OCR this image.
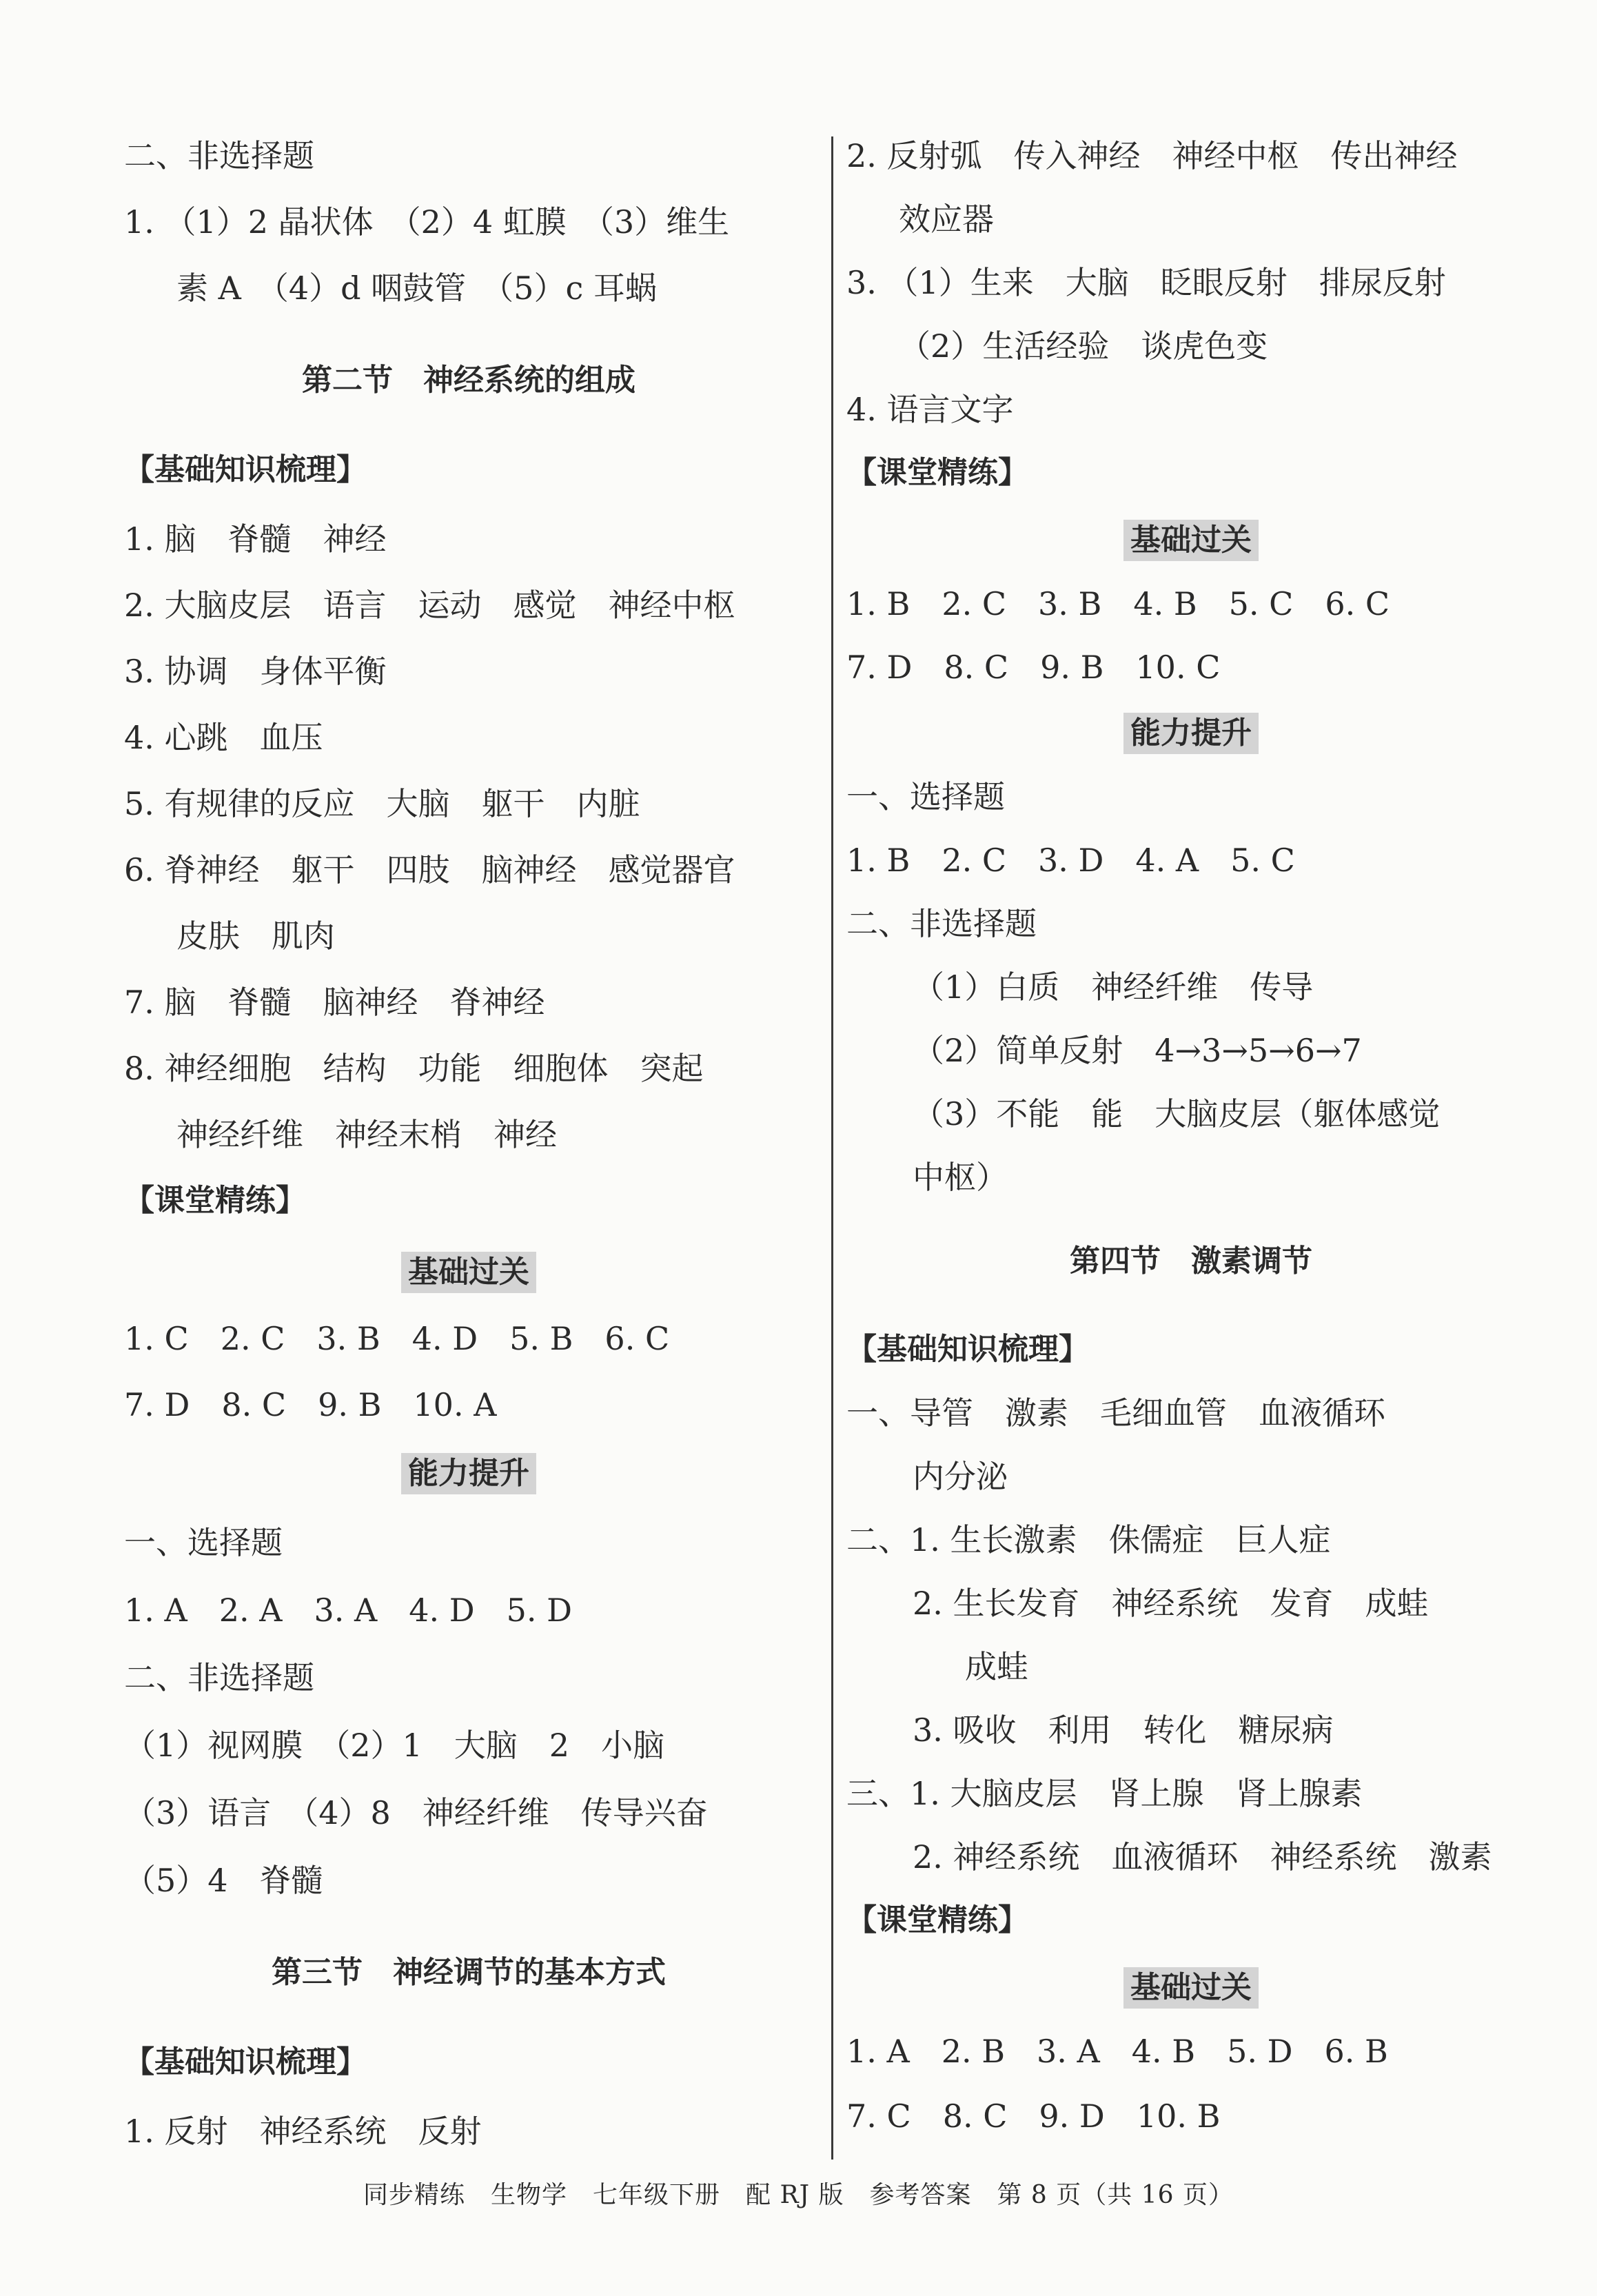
二、非选择题
1. （1）2 晶状体　（2）4 虹膜　（3）维生
素 A　（4）d 咽鼓管　（5）c 耳蜗
第二节　神经系统的组成
【基础知识梳理】
1. 脑　脊髓　神经
2. 大脑皮层　语言　运动　感觉　神经中枢
3. 协调　身体平衡
4. 心跳　血压
5. 有规律的反应　大脑　躯干　内脏
6. 脊神经　躯干　四肢　脑神经　感觉器官
皮肤　肌肉
7. 脑　脊髓　脑神经　脊神经
8. 神经细胞　结构　功能　细胞体　突起
神经纤维　神经末梢　神经
【课堂精练】
基础过关
1. C　2. C　3. B　4. D　5. B　6. C
7. D　8. C　9. B　10. A
能力提升
一、选择题
1. A　2. A　3. A　4. D　5. D
二、非选择题
（1）视网膜　（2）1　大脑　2　小脑
（3）语言　（4）8　神经纤维　传导兴奋
（5）4　脊髓
第三节　神经调节的基本方式
【基础知识梳理】
1. 反射　神经系统　反射
2. 反射弧　传入神经　神经中枢　传出神经
效应器
3. （1）生来　大脑　眨眼反射　排尿反射
（2）生活经验　谈虎色变
4. 语言文字
【课堂精练】
基础过关
1. B　2. C　3. B　4. B　5. C　6. C
7. D　8. C　9. B　10. C
能力提升
一、选择题
1. B　2. C　3. D　4. A　5. C
二、非选择题
（1）白质　神经纤维　传导
（2）简单反射　4→3→5→6→7
（3）不能　能　大脑皮层（躯体感觉
中枢）
第四节　激素调节
【基础知识梳理】
一、导管　激素　毛细血管　血液循环
内分泌
二、1. 生长激素　侏儒症　巨人症
2. 生长发育　神经系统　发育　成蛙
成蛙
3. 吸收　利用　转化　糖尿病
三、1. 大脑皮层　肾上腺　肾上腺素
2. 神经系统　血液循环　神经系统　激素
【课堂精练】
基础过关
1. A　2. B　3. A　4. B　5. D　6. B
7. C　8. C　9. D　10. B
同步精练　生物学　七年级下册　配 RJ 版　参考答案　第 8 页（共 16 页）
